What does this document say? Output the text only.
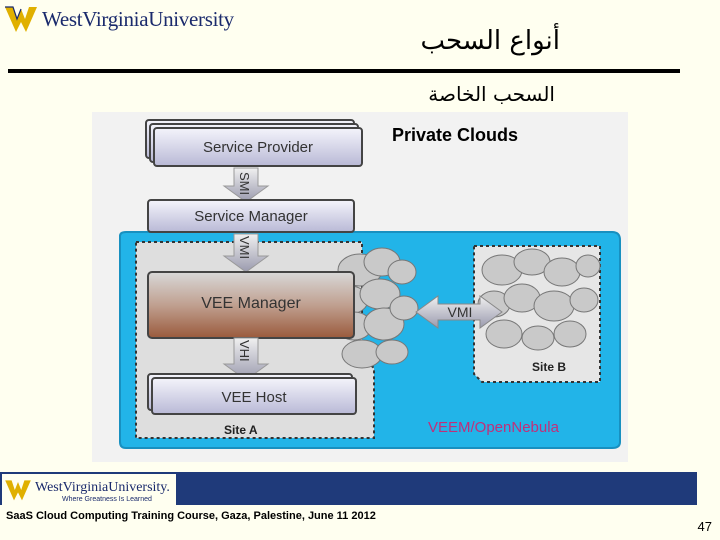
WestVirginiaUniversity
أنواع السحب
السحب الخاصة
Service Provider
SMI
Service Manager
VMI
VEE Manager	VMI
VHI
VEE Host
Site A
Site B
VEEM/OpenNebula
Private Clouds
WestVirginiaUniversity.
Where Greatness Is Learned
SaaS Cloud Computing Training Course, Gaza, Palestine, June 11 2012
47
